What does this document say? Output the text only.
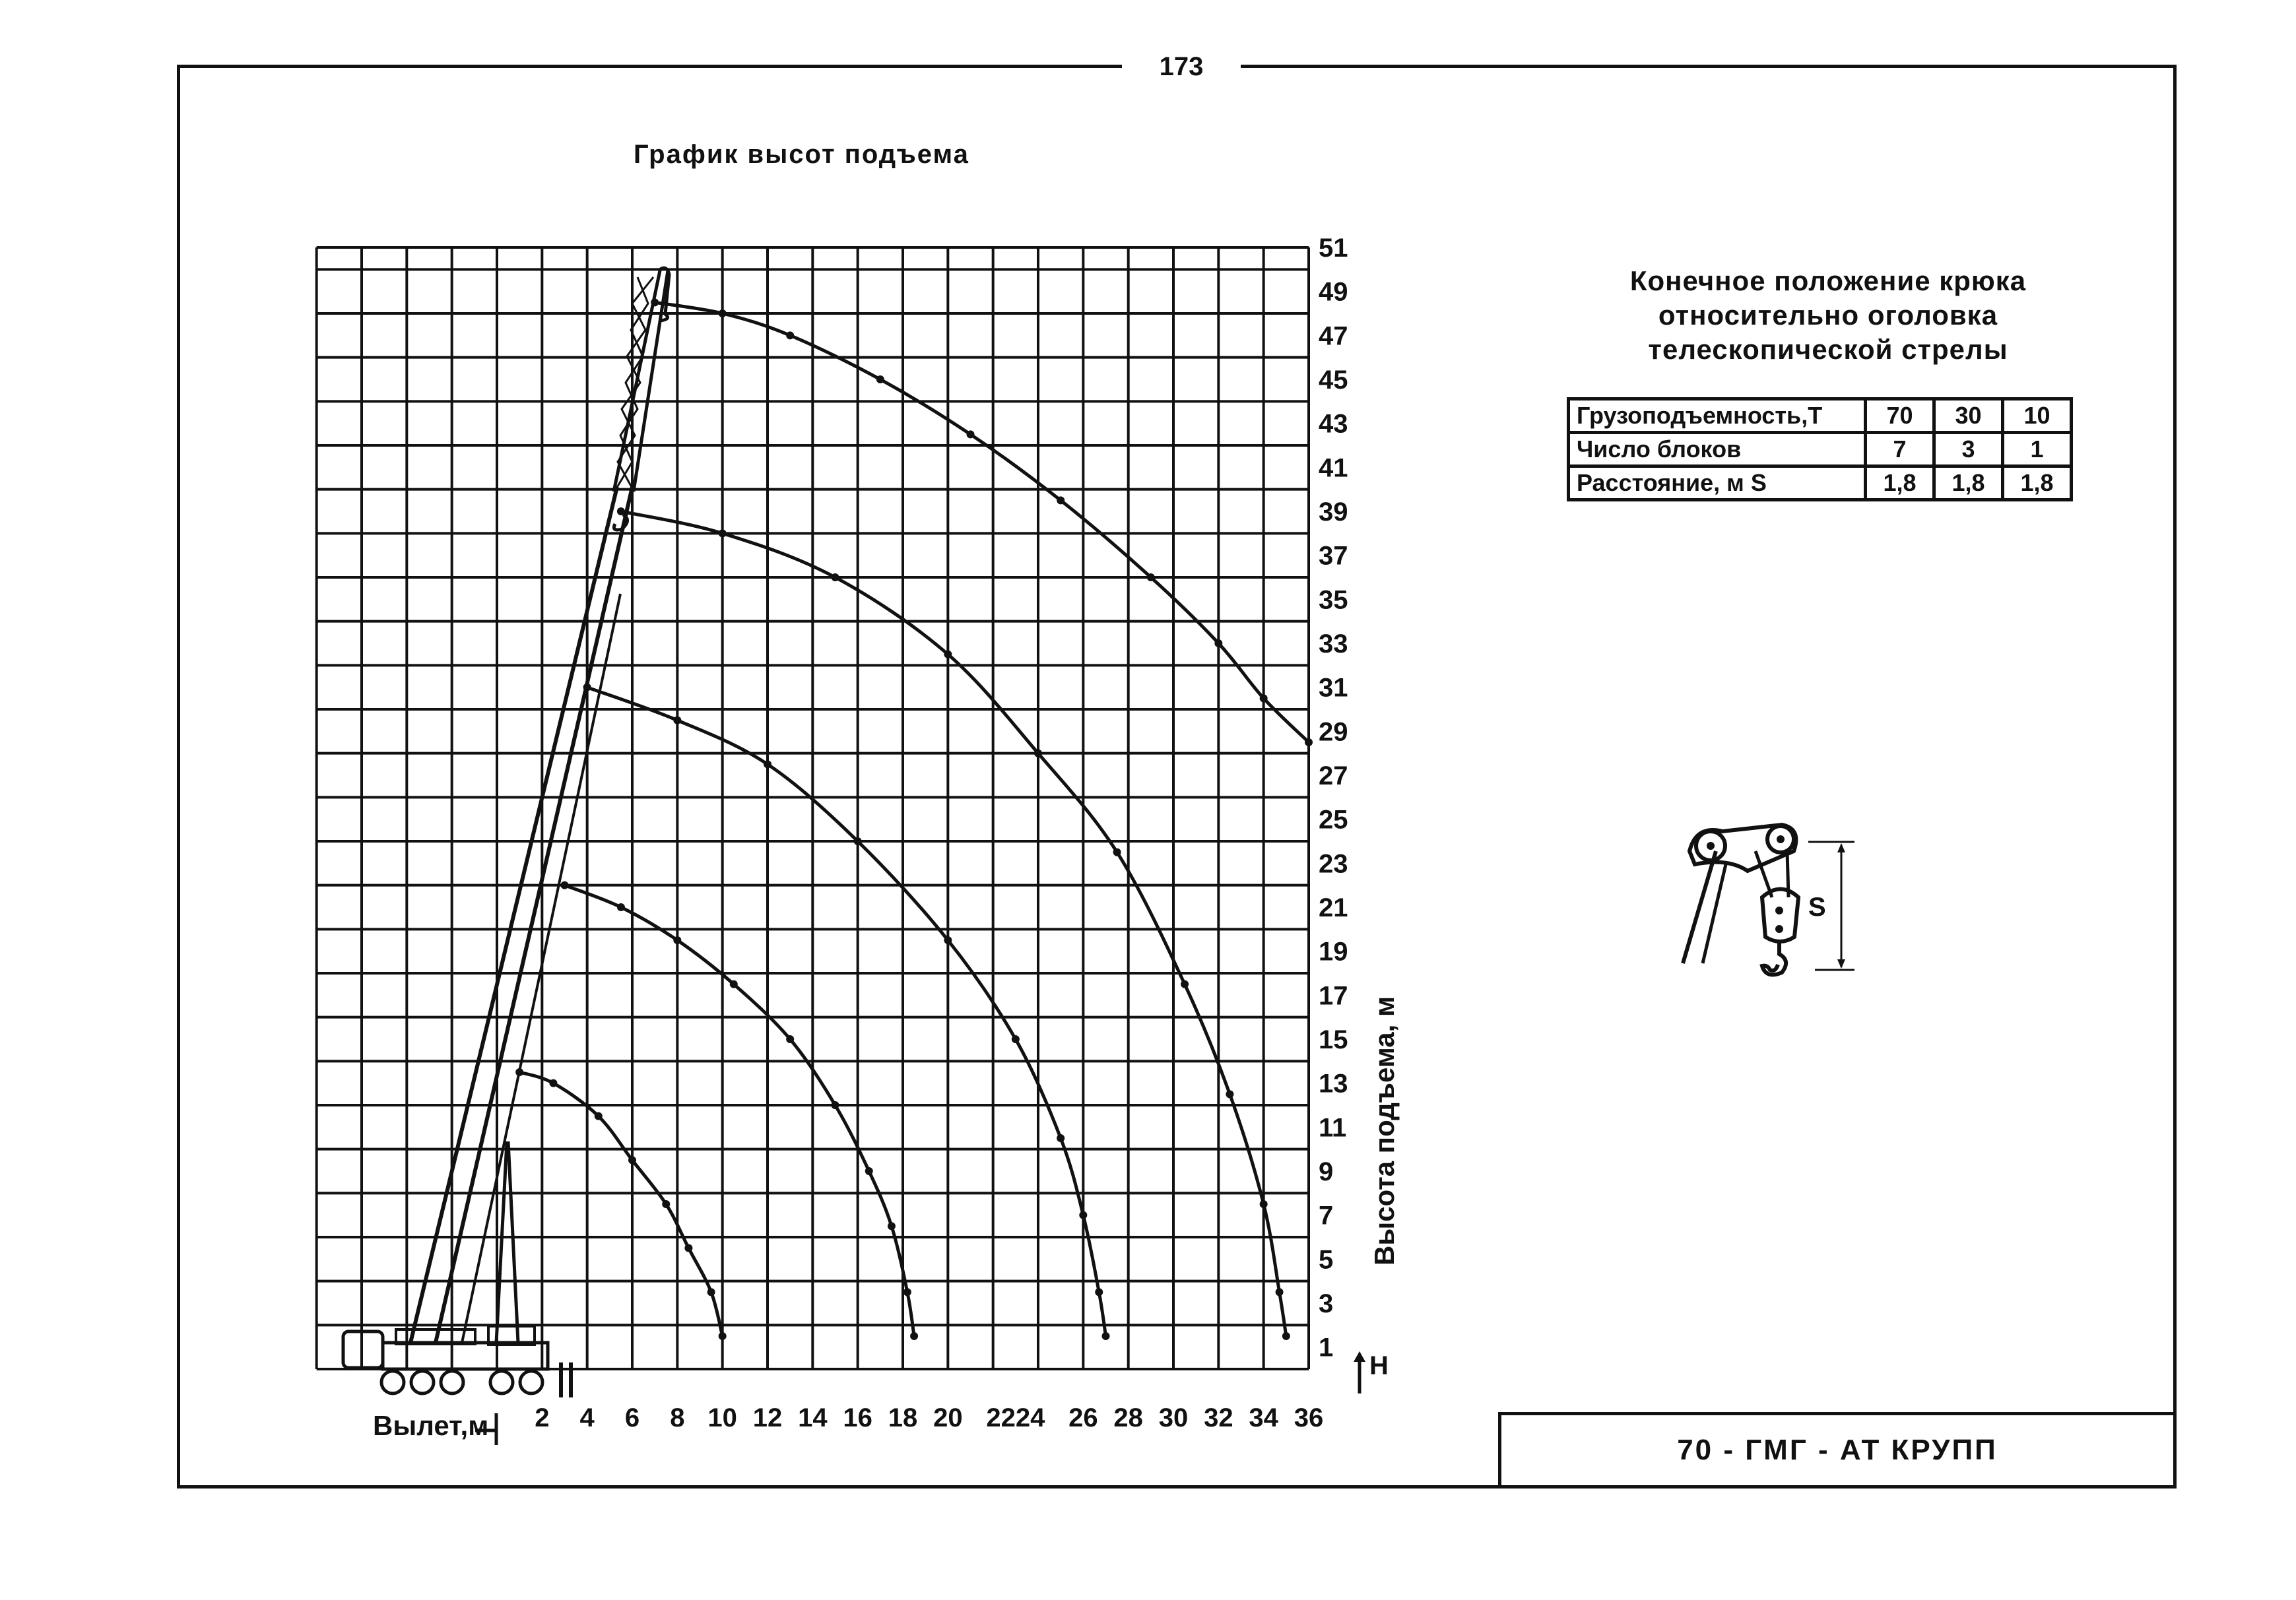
173
График высот подъема
1
3
5
7
9
11
13
15
17
19
21
23
25
27
29
31
33
35
37
39
41
43
45
47
49
51
2 4 6 8 10 12 14 16 18 20 2224 26 28 30 32 34 36
Вылет,м
Высота подъема, м
H
Конечное положение крюка
относительно оголовка
телескопической стрелы
Грузоподъемность,Т	70	30	10
Число блоков	7	3	1
Расстояние, м S	1,8	1,8	1,8
S
70 - ГМГ - АТ КРУПП
